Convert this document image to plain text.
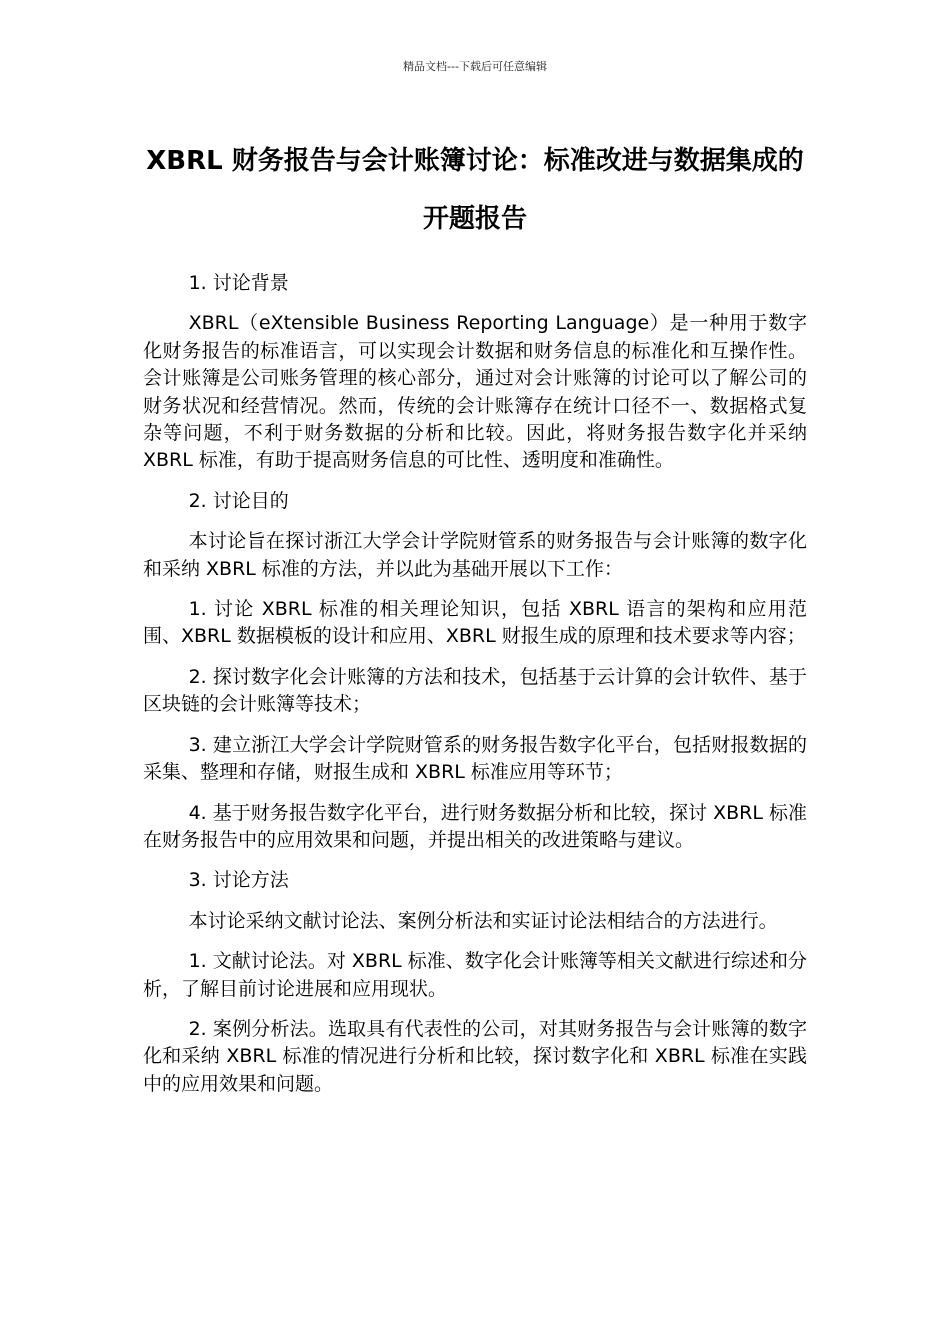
精品文档---下载后可任意编辑
XBRL 财务报告与会计账簿讨论：标准改进与数据集成的开题报告

1. 讨论背景

XBRL（eXtensible Business Reporting Language）是一种用于数字化财务报告的标准语言，可以实现会计数据和财务信息的标准化和互操作性。会计账簿是公司账务管理的核心部分，通过对会计账簿的讨论可以了解公司的财务状况和经营情况。然而，传统的会计账簿存在统计口径不一、数据格式复杂等问题，不利于财务数据的分析和比较。因此，将财务报告数字化并采纳 XBRL 标准，有助于提高财务信息的可比性、透明度和准确性。

2. 讨论目的

本讨论旨在探讨浙江大学会计学院财管系的财务报告与会计账簿的数字化和采纳 XBRL 标准的方法，并以此为基础开展以下工作：

1. 讨论 XBRL 标准的相关理论知识，包括 XBRL 语言的架构和应用范围、XBRL 数据模板的设计和应用、XBRL 财报生成的原理和技术要求等内容；

2. 探讨数字化会计账簿的方法和技术，包括基于云计算的会计软件、基于区块链的会计账簿等技术；

3. 建立浙江大学会计学院财管系的财务报告数字化平台，包括财报数据的采集、整理和存储，财报生成和 XBRL 标准应用等环节；

4. 基于财务报告数字化平台，进行财务数据分析和比较，探讨 XBRL 标准在财务报告中的应用效果和问题，并提出相关的改进策略与建议。

3. 讨论方法

本讨论采纳文献讨论法、案例分析法和实证讨论法相结合的方法进行。

1. 文献讨论法。对 XBRL 标准、数字化会计账簿等相关文献进行综述和分析，了解目前讨论进展和应用现状。

2. 案例分析法。选取具有代表性的公司，对其财务报告与会计账簿的数字化和采纳 XBRL 标准的情况进行分析和比较，探讨数字化和 XBRL 标准在实践中的应用效果和问题。
